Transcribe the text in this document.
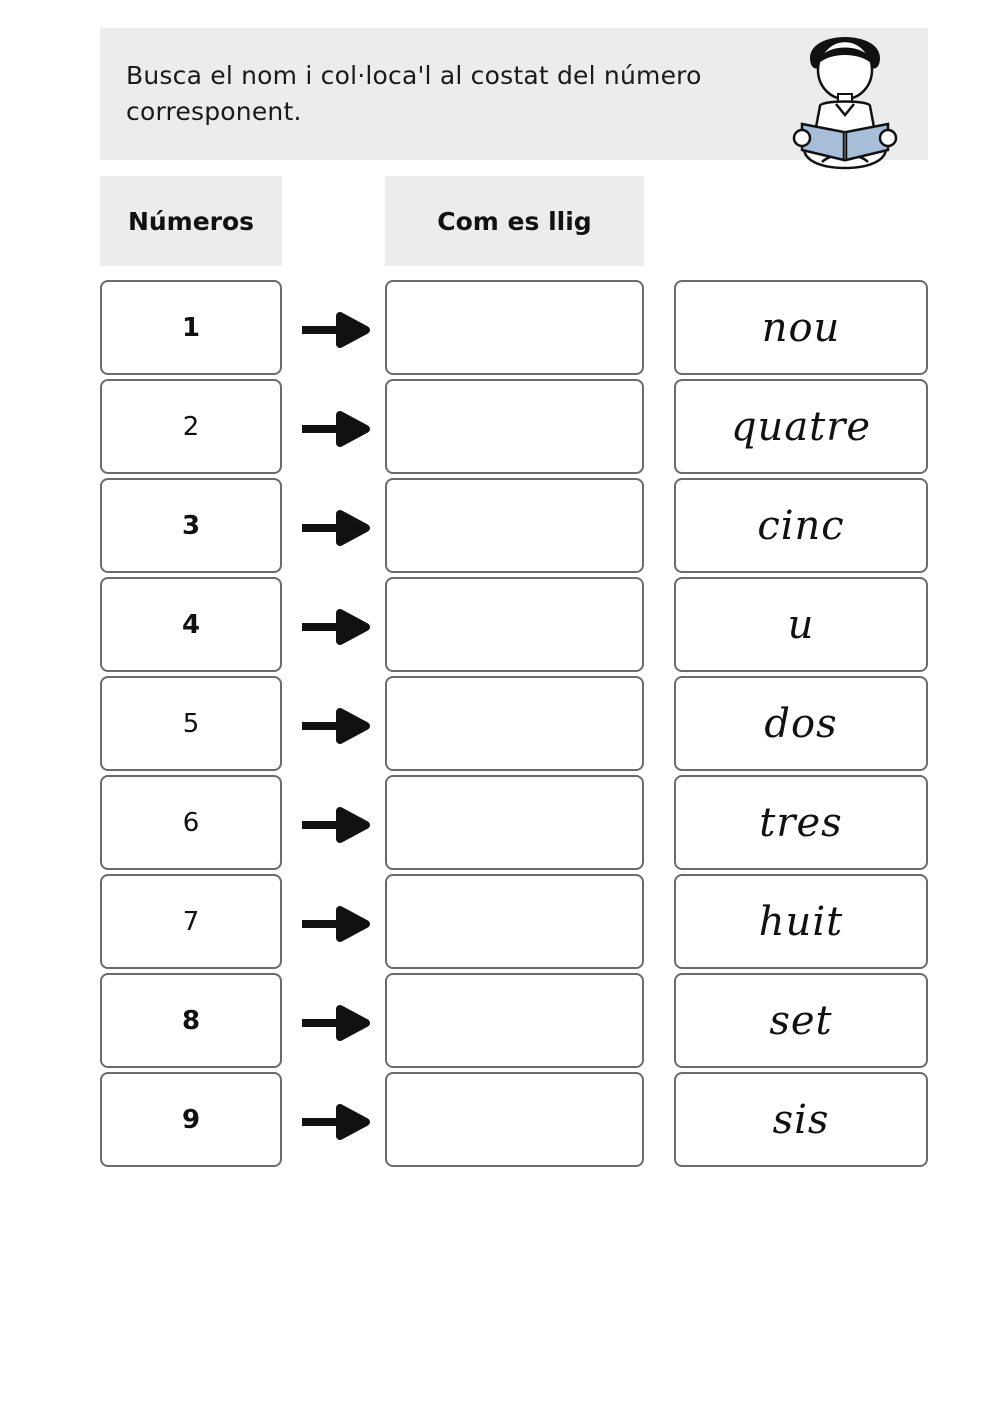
Busca el nom i col·loca'l al costat del número corresponent.
Números	Com es llig
1	nou
2	quatre
3	cinc
4	u
5	dos
6	tres
7	huit
8	set
9	sis
